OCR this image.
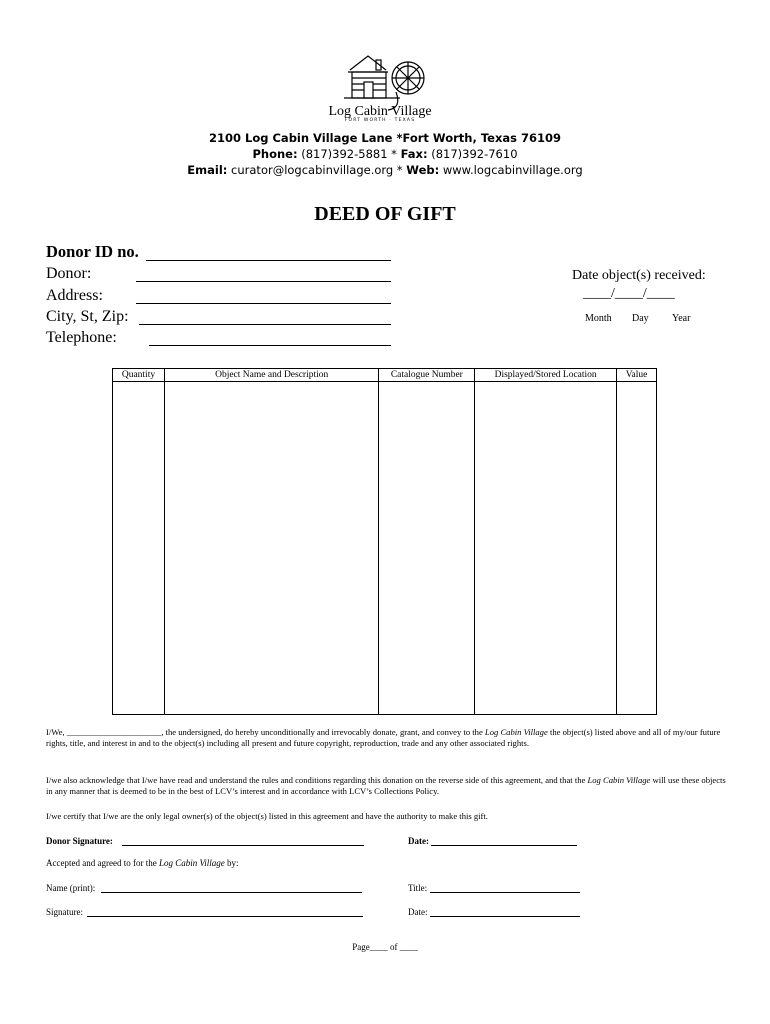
Log Cabin Village
FORT WORTH · TEXAS
2100 Log Cabin Village Lane *Fort Worth, Texas 76109
Phone: (817)392-5881 * Fax: (817)392-7610
Email: curator@logcabinvillage.org * Web: www.logcabinvillage.org
DEED OF GIFT
Donor ID no.
Donor:
Address:
City, St, Zip:
Telephone:
Date object(s) received:
____/____/____
Month Day Year
Quantity	Object Name and Description	Catalogue Number	Displayed/Stored Location	Value

I/We, ______________________, the undersigned, do hereby unconditionally and irrevocably donate, grant, and convey to the Log Cabin Village the object(s) listed above and all of my/our future rights, title, and interest in and to the object(s) including all present and future copyright, reproduction, trade and any other associated rights.
I/we also acknowledge that I/we have read and understand the rules and conditions regarding this donation on the reverse side of this agreement, and that the Log Cabin Village will use these objects in any manner that is deemed to be in the best of LCV’s interest and in accordance with LCV’s Collections Policy.
I/we certify that I/we are the only legal owner(s) of the object(s) listed in this agreement and have the authority to make this gift.
Donor Signature:	Date:
Accepted and agreed to for the Log Cabin Village by:
Name (print):	Title:
Signature:	Date:
Page____ of ____
